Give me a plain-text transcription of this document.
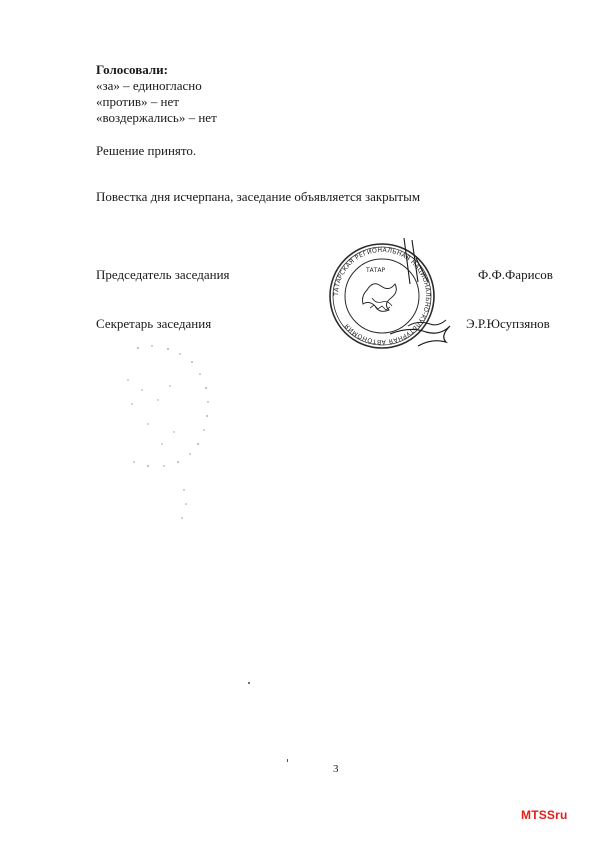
Голосовали:
«за» – единогласно
«против» – нет
«воздержались» – нет
Решение принято.
Повестка дня исчерпана, заседание объявляется закрытым
Председатель заседания	Ф.Ф.Фарисов
Секретарь заседания	Э.Р.Юсупзянов
ТАТАРСКАЯ РЕГИОНАЛЬНАЯ НАЦИОНАЛЬНО-КУЛЬТУРНАЯ АВТОНОМИЯ
ТАТАР
3
MTSSru
